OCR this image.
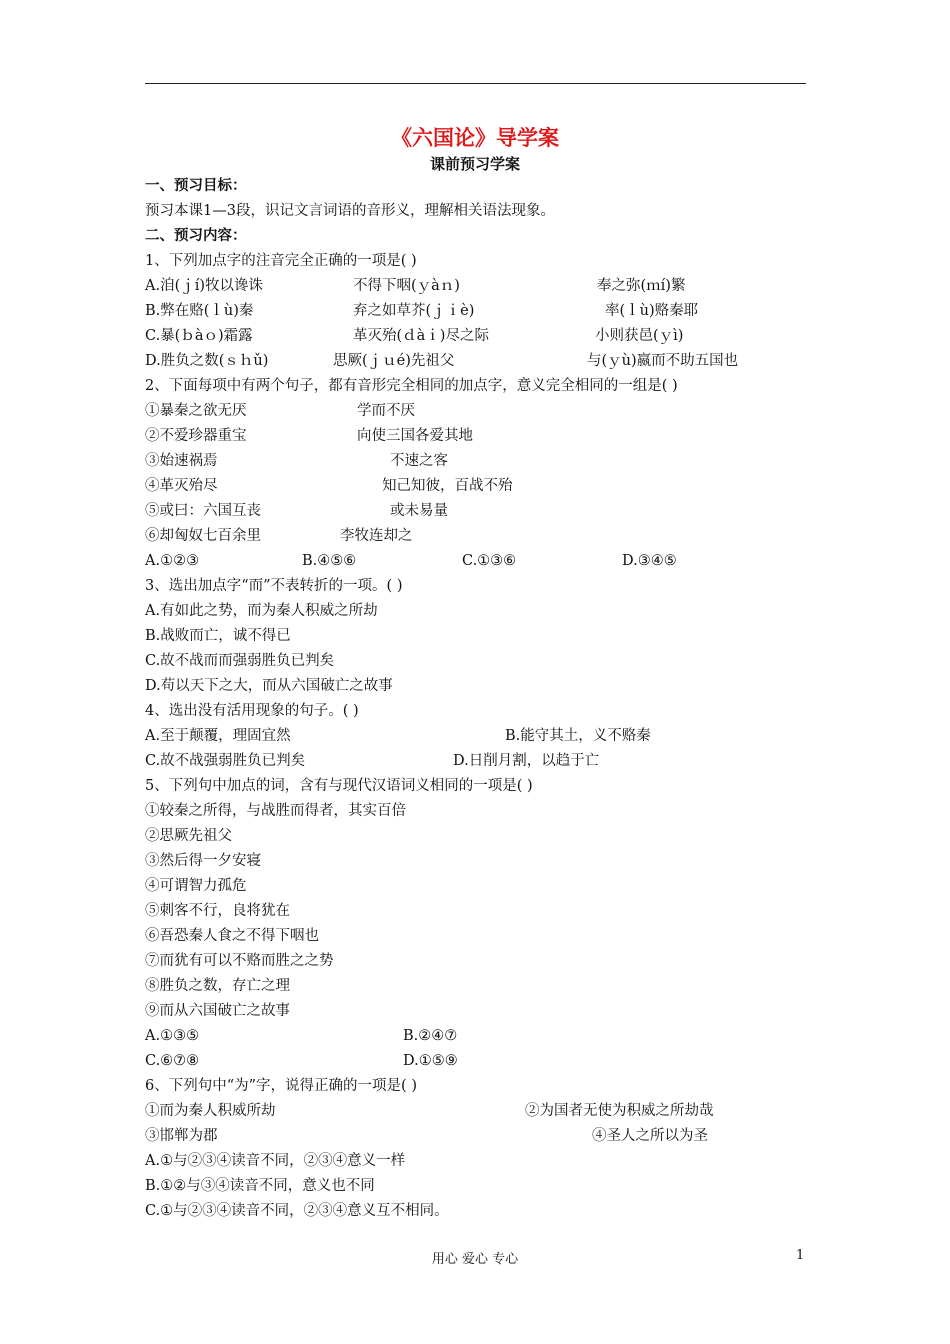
《六国论》导学案
课前预习学案
一、预习目标：
预习本课1—3段，识记文言词语的音形义，理解相关语法现象。
二、预习内容：
1、下列加点字的注音完全正确的一项是( )
A.洎(ｊí)牧以谗诛	不得下咽(ｙàｎ)	奉之弥(ｍí)繁
B.弊在赂(ｌù)秦	弃之如草芥(ｊｉè)	率(ｌù)赂秦耶
C.暴(ｂàｏ)霜露	革灭殆(ｄàｉ)尽之际	小则获邑(ｙì)
D.胜负之数(ｓｈǔ)	思厥(ｊｕé)先祖父	与(ｙù)嬴而不助五国也
2、下面每项中有两个句子，都有音形完全相同的加点字，意义完全相同的一组是( )
①暴秦之欲无厌	学而不厌
②不爱珍器重宝	向使三国各爱其地
③始速祸焉	不速之客
④革灭殆尽	知己知彼，百战不殆
⑤或曰：六国互丧	或未易量
⑥却匈奴七百余里	李牧连却之
A.①②③	B.④⑤⑥	C.①③⑥	D.③④⑤
3、选出加点字“而”不表转折的一项。( )
A.有如此之势，而为秦人积威之所劫
B.战败而亡，诚不得已
C.故不战而而强弱胜负已判矣
D.苟以天下之大，而从六国破亡之故事
4、选出没有活用现象的句子。( )
A.至于颠覆，理固宜然	B.能守其土，义不赂秦
C.故不战强弱胜负已判矣	D.日削月割，以趋于亡
5、下列句中加点的词，含有与现代汉语词义相同的一项是( )
①较秦之所得，与战胜而得者，其实百倍
②思厥先祖父
③然后得一夕安寝
④可谓智力孤危
⑤刺客不行，良将犹在
⑥吾恐秦人食之不得下咽也
⑦而犹有可以不赂而胜之之势
⑧胜负之数，存亡之理
⑨而从六国破亡之故事
A.①③⑤	B.②④⑦
C.⑥⑦⑧	D.①⑤⑨
6、下列句中“为”字，说得正确的一项是( )
①而为秦人积威所劫	②为国者无使为积威之所劫哉
③邯郸为郡	④圣人之所以为圣
A.①与②③④读音不同，②③④意义一样
B.①②与③④读音不同，意义也不同
C.①与②③④读音不同，②③④意义互不相同。
用心 爱心 专心	1
